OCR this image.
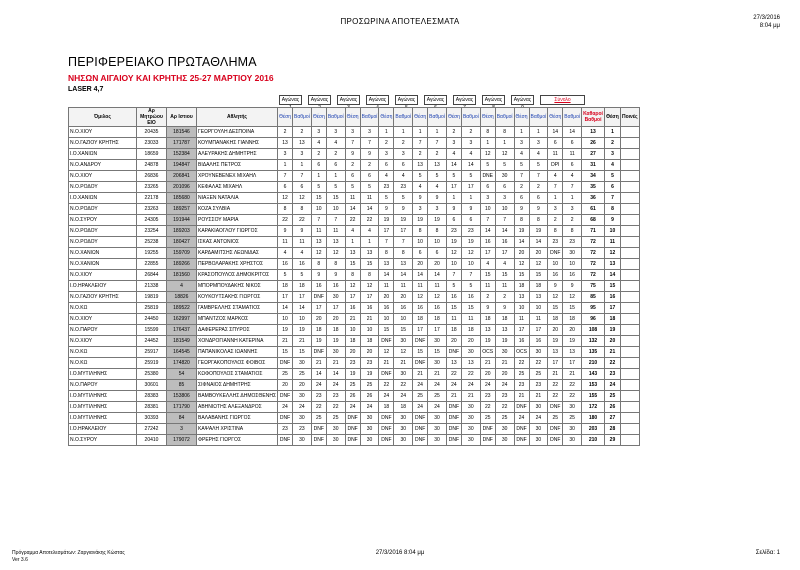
ΠΡΟΣΩΡΙΝΑ ΑΠΟΤΕΛΕΣΜΑΤΑ	27/3/2016
8:04 μμ
ΠΕΡΙΦΕΡΕΙΑΚΟ ΠΡΩΤΑΘΛΗΜΑ
ΝΗΣΩΝ ΑΙΓΑΙΟΥ ΚΑΙ ΚΡΗΤΗΣ 25-27 ΜΑΡΤΙΟΥ 2016
LASER 4,7
Αγώνας	Αγώνας	Αγώνας	Αγώνας	Αγώνας	Αγώνας	Αγώνας	Αγώνας	Αγώνας	Σύνολο
Όμιλος	Αρ Μητρώου ΕΙΟ	Αρ Ιστιου	Αθλητής	Θέση	Βαθμοί	Θέση	Βαθμοί	Θέση	Βαθμοί	Θέση	Βαθμοί	Θέση	Βαθμοί	Θέση	Βαθμοί	Θέση	Βαθμοί	Θέση	Βαθμοί	Θέση	Βαθμοί	Καθαροί Βαθμοί	Θέση	Ποινές
Ν.Ο.ΧΙΟΥ	20435	181546	ΓΕΩΡΓΟΥΛΗ ΔΕΣΠΟΙΝΑ	2	2	3	3	3	3	1	1	1	1	2	2	8	8	1	1	14	14	13	1	
Ν.Ο.ΓΑΖΙΟΥ ΚΡΗΤΗΣ	23033	171787	ΚΟΥΜΠΑΝΑΚΗΣ ΓΙΑΝΝΗΣ	13	13	4	4	7	7	2	2	7	7	3	3	1	1	3	3	6	6	26	2	
Ι.Ο.ΧΑΝΙΩΝ	18659	152384	ΑΛΕΥΡΑΚΗΣ ΔΗΜΗΤΡΗΣ	3	3	2	2	9	9	3	3	2	2	4	4	12	12	4	4	11	11	27	3	
Ν.Ο.ΑΝΔΡΟΥ	24878	194847	ΒΙΔΑΛΗΣ ΠΕΤΡΟΣ	1	1	6	6	2	2	6	6	13	13	14	14	5	5	5	5	DPI	6	31	4	
Ν.Ο.ΧΙΟΥ	26836	206841	ΧΡΟΥΝΕΒΕΝΕΧ ΜΙΧΑΗΛ	7	7	1	1	6	6	4	4	5	5	5	5	DNE	30	7	7	4	4	34	5	
Ν.Ο.ΡΟΔΟΥ	23265	201096	ΚΕΦΑΛΑΣ ΜΙΧΑΗΛ	6	6	5	5	5	5	23	23	4	4	17	17	6	6	2	2	7	7	35	6	
Ι.Ο.ΧΑΝΙΩΝ	22178	185680	ΝΙΑΞΕΝ ΝΑΤΑΛΙΑ	12	12	15	15	11	11	5	5	9	9	1	1	3	3	6	6	1	1	36	7	
Ν.Ο.ΡΟΔΟΥ	23263	189257	ΚΟΖΑ ΣΥΛΒΙΑ	8	8	10	10	14	14	9	9	3	3	9	9	10	10	9	9	3	3	61	8	
Ν.Ο.ΣΥΡΟΥ	24305	191944	ΡΟΥΣΣΟΥ ΜΑΡΙΑ	22	22	7	7	22	22	19	19	19	19	6	6	7	7	8	8	2	2	68	9	
Ν.Ο.ΡΟΔΟΥ	23254	189203	ΚΑΡΑΚΙΑΟΓΛΟΥ ΓΙΩΡΓΟΣ	9	9	11	11	4	4	17	17	8	8	23	23	14	14	19	19	8	8	71	10	
Ν.Ο.ΡΟΔΟΥ	25238	180427	ΙΣΚΑΣ ΑΝΤΩΝΙΟΣ	11	11	13	13	1	1	7	7	10	10	19	19	16	16	14	14	23	23	72	11	
Ν.Ο.ΧΑΝΙΩΝ	19255	159709	ΚΑΡΔΑΜΙΤΣΗΣ ΛΕΩΝΙΔΑΣ	4	4	12	12	13	13	8	8	6	6	12	12	17	17	20	20	DNF	30	72	12	
Ν.Ο.ΧΑΝΙΩΝ	22855	189266	ΠΕΡΒΟΛΑΡΑΚΗΣ ΧΡΗΣΤΟΣ	16	16	8	8	15	15	13	13	20	20	10	10	4	4	12	12	10	10	72	13	
Ν.Ο.ΧΙΟΥ	26844	181560	ΚΡΑΣΟΠΟΥΛΟΣ ΔΗΜΟΚΡΙΤΟΣ	5	5	9	9	8	8	14	14	14	14	7	7	15	15	15	15	16	16	72	14	
Ι.Ο.ΗΡΑΚΛΕΙΟΥ	21338	4	ΜΠΟΡΜΠΟΥΔΑΚΗΣ ΝΙΚΟΣ	18	18	16	16	12	12	11	11	11	11	5	5	11	11	18	18	9	9	75	15	
Ν.Ο.ΓΑΖΙΟΥ ΚΡΗΤΗΣ	19819	18826	ΚΟΥΚΟΥΤΣΑΚΗΣ ΓΙΩΡΓΟΣ	17	17	DNF	30	17	17	20	20	12	12	16	16	2	2	13	13	12	12	85	16	
Ν.Ο.ΚΩ	25819	189522	ΓΑΜΒΡΕΛΛΗΣ ΣΤΑΜΑΤΙΟΣ	14	14	17	17	16	16	16	16	16	16	15	15	9	9	10	10	15	15	95	17	
Ν.Ο.ΧΙΟΥ	24450	162997	ΜΠΑΝΤΖΟΣ ΜΑΡΚΟΣ	10	10	20	20	21	21	10	10	18	18	11	11	18	18	11	11	18	18	96	18	
Ν.Ο.ΠΑΡΟΥ	15599	176437	ΔΑΦΕΡΕΡΑΣ ΣΠΥΡΟΣ	19	19	18	18	10	10	15	15	17	17	18	18	13	13	17	17	20	20	108	19	
Ν.Ο.ΧΙΟΥ	24452	181549	ΧΟΝΔΡΟΓΙΑΝΝΗ ΚΑΤΕΡΙΝΑ	21	21	19	19	18	18	DNF	30	DNF	30	20	20	19	19	16	16	19	19	132	20	
Ν.Ο.ΚΩ	25917	164545	ΠΑΠΑΝΙΚΟΛΑΣ ΙΩΑΝΝΗΣ	15	15	DNF	30	20	20	12	12	15	15	DNF	30	OCS	30	OCS	30	13	13	135	21	
Ν.Ο.ΚΩ	25919	174820	ΓΕΩΡΓΑΚΟΠΟΥΛΟΣ ΦΟΙΒΟΣ	DNF	30	21	21	23	23	21	21	DNF	30	13	13	21	21	22	22	17	17	210	22	
Ι.Ο.ΜΥΤΙΛΗΝΗΣ	25380	54	ΚΩΦΟΠΟΥΛΟΣ ΣΤΑΜΑΤΙΟΣ	25	25	14	14	19	19	DNF	30	21	21	22	22	20	20	25	25	21	21	143	23	
Ν.Ο.ΠΑΡΟΥ	30601	85	ΣΙΦΝΑΙΟΣ ΔΗΜΗΤΡΗΣ	20	20	24	24	25	25	22	22	24	24	24	24	24	24	23	23	22	22	153	24	
Ι.Ο.ΜΥΤΙΛΗΝΗΣ	28383	153806	ΒΑΜΒΟΥΚΕΛΛΗΣ ΔΗΜΟΣΘΕΝΗΣ	DNF	30	23	23	26	26	24	24	25	25	21	21	23	23	21	21	22	22	155	25	
Ι.Ο.ΜΥΤΙΛΗΝΗΣ	28381	171790	ΑΒΗΝΙΩΤΗΣ ΑΛΕΞΑΝΔΡΟΣ	24	24	22	22	24	24	18	18	24	24	DNF	30	22	22	DNF	30	DNF	30	172	26	
Ι.Ο.ΜΥΤΙΛΗΝΗΣ	30393	84	ΒΑΛΑΒΑΝΗΣ ΓΙΩΡΓΟΣ	DNF	30	25	25	DNF	30	DNF	30	DNF	30	DNF	30	25	25	24	24	25	25	180	27	
Ι.Ο.ΗΡΑΚΛΕΙΟΥ	27242	3	ΚΑΨΑΛΗ ΧΡΙΣΤΙΝΑ	23	23	DNF	30	DNF	30	DNF	30	DNF	30	DNF	30	DNF	30	DNF	30	DNF	30	203	28	
Ν.Ο.ΣΥΡΟΥ	20410	179072	ΦΡΕΡΗΣ ΓΙΩΡΓΟΣ	DNF	30	DNF	30	DNF	30	DNF	30	DNF	30	DNF	30	DNF	30	DNF	30	DNF	30	210	29	
Πρόγραμμα Αποτελεσμάτων: Ζαργιανάκης Κώστας
Ver 3.6
27/3/2016 8:04 μμ	Σελίδα: 1
